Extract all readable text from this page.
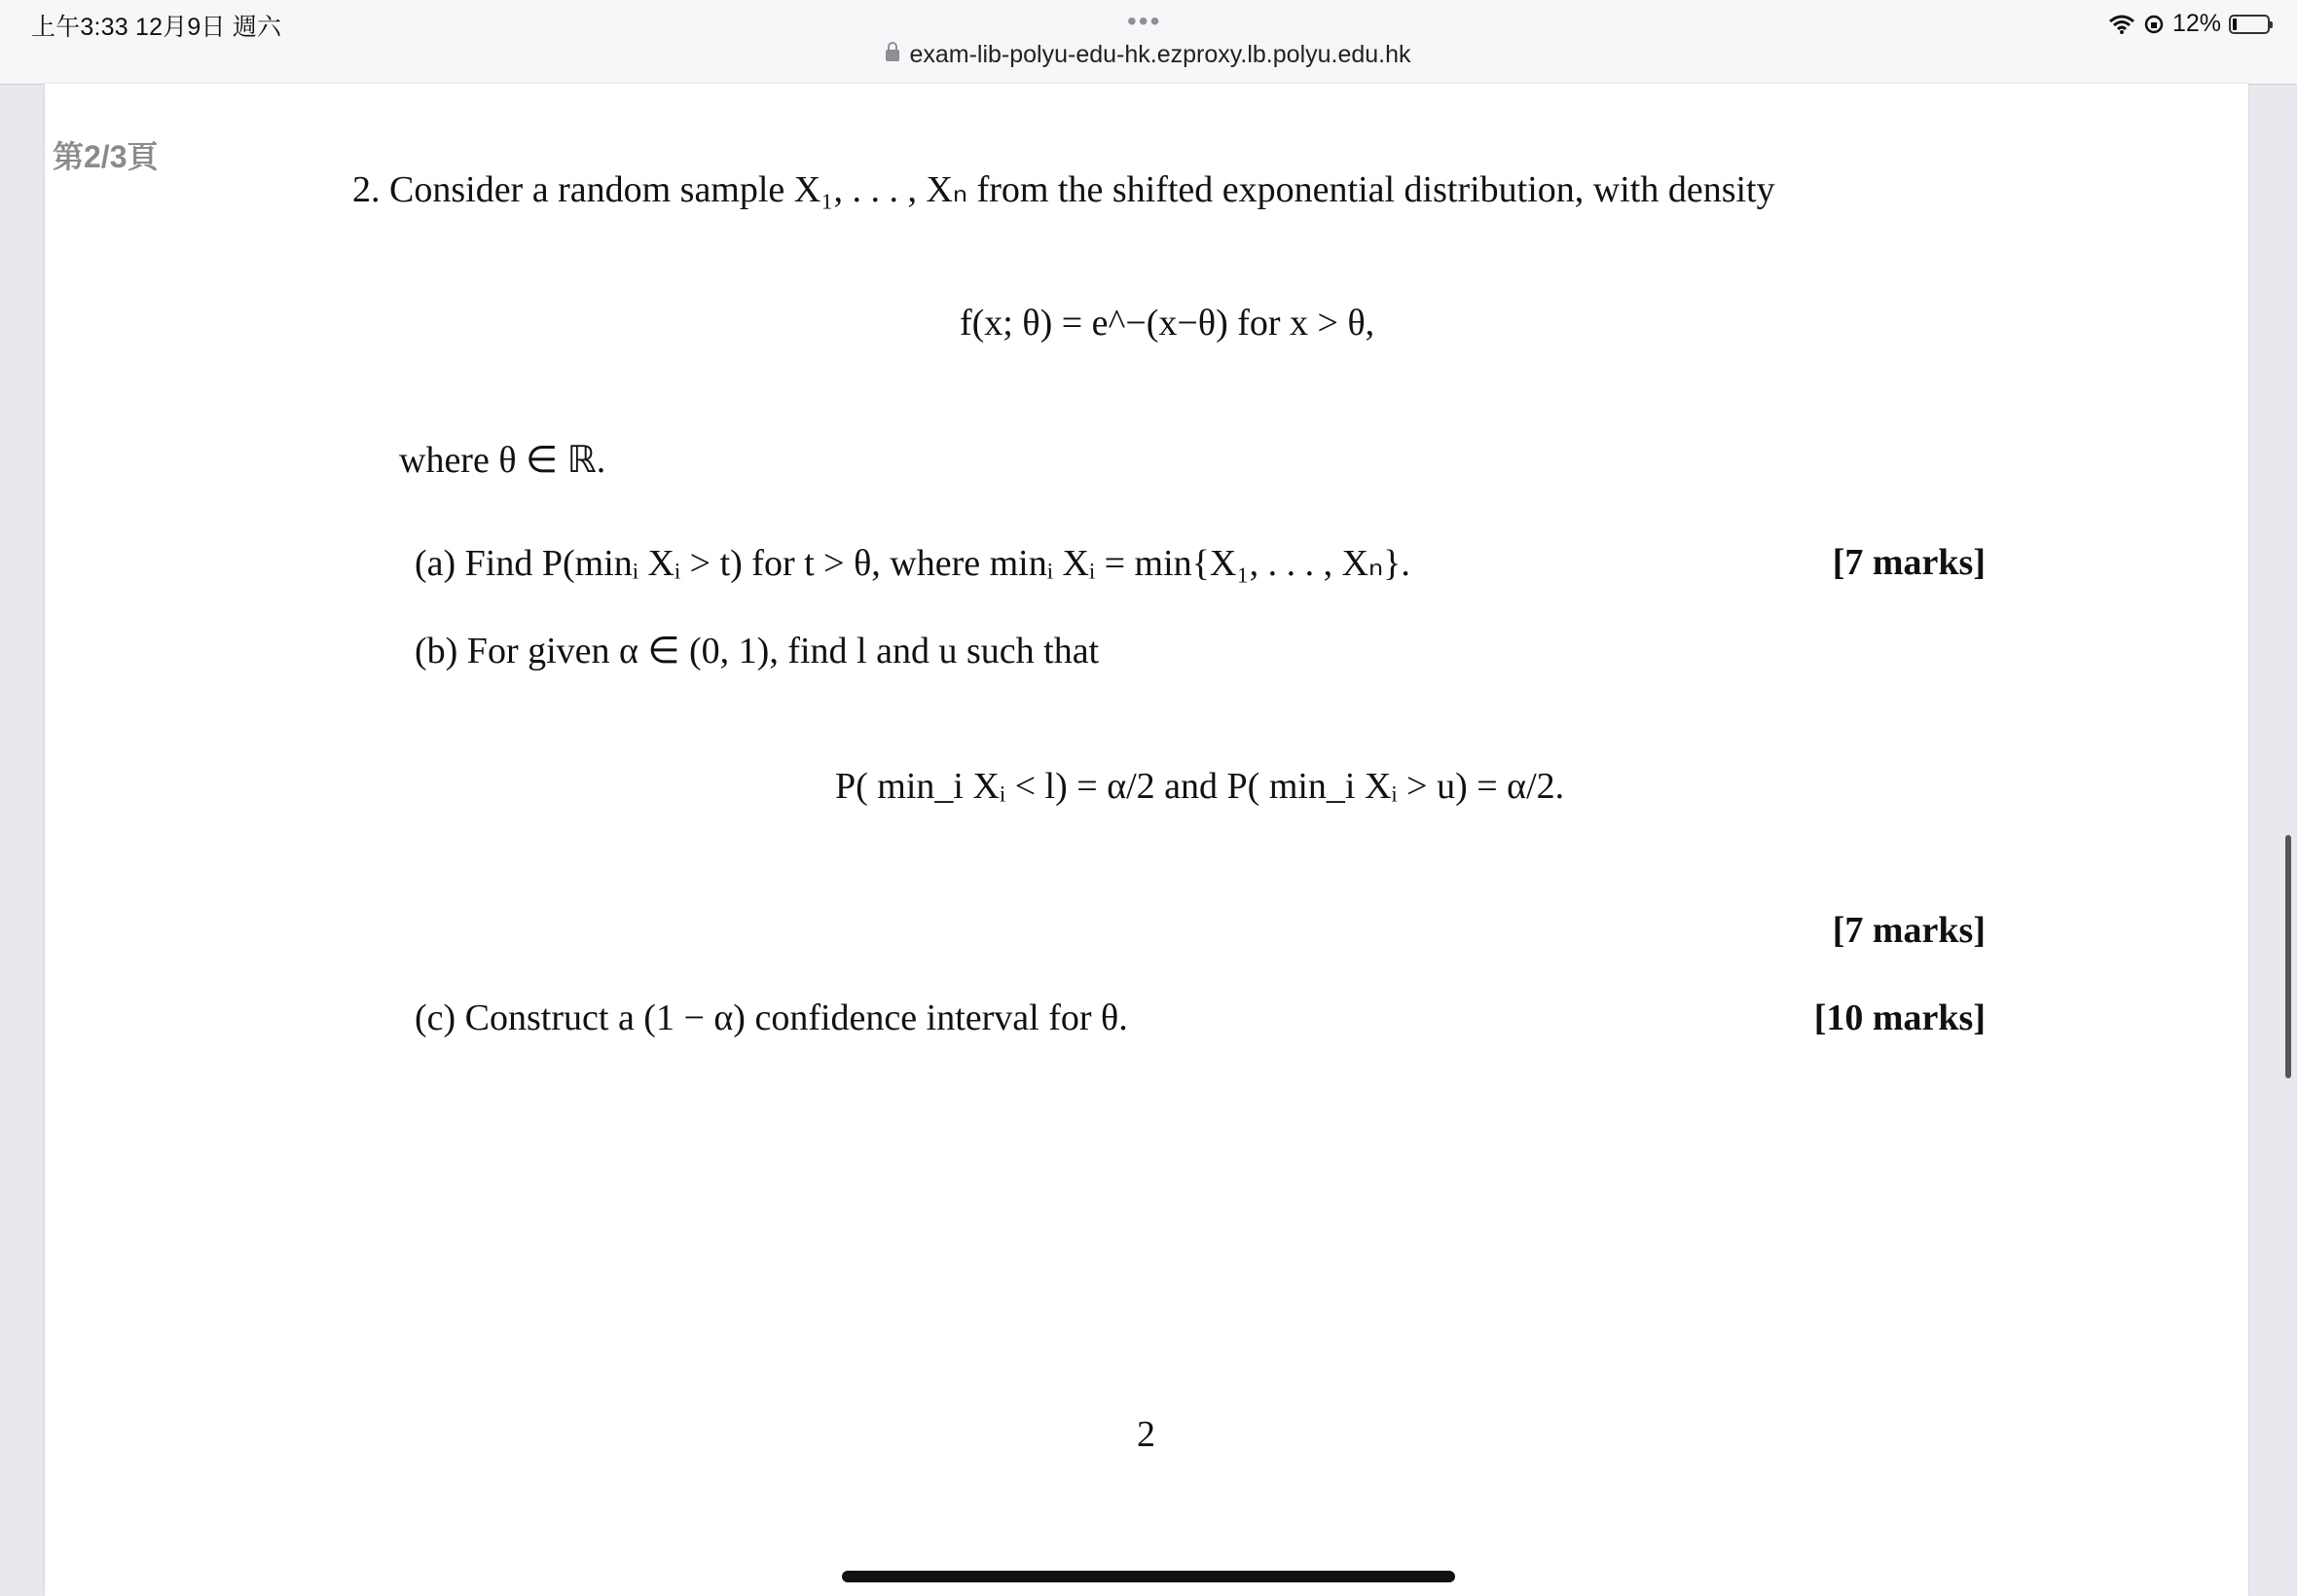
上午3:33 12月9日 週六	•••
exam-lib-polyu-edu-hk.ezproxy.lb.polyu.edu.hk
12%
第2/3頁
2. Consider a random sample X₁, . . . , Xₙ from the shifted exponential distribution, with density
f(x; θ) = e^−(x−θ) for x > θ,
where θ ∈ ℝ.
(a) Find P(minᵢ Xᵢ > t) for t > θ, where minᵢ Xᵢ = min{X₁, . . . , Xₙ}.	[7 marks]
(b) For given α ∈ (0, 1), find l and u such that
P( min_i Xᵢ < l) = α/2 and P( min_i Xᵢ > u) = α/2.
[7 marks]
(c) Construct a (1 − α) confidence interval for θ.	[10 marks]
2
